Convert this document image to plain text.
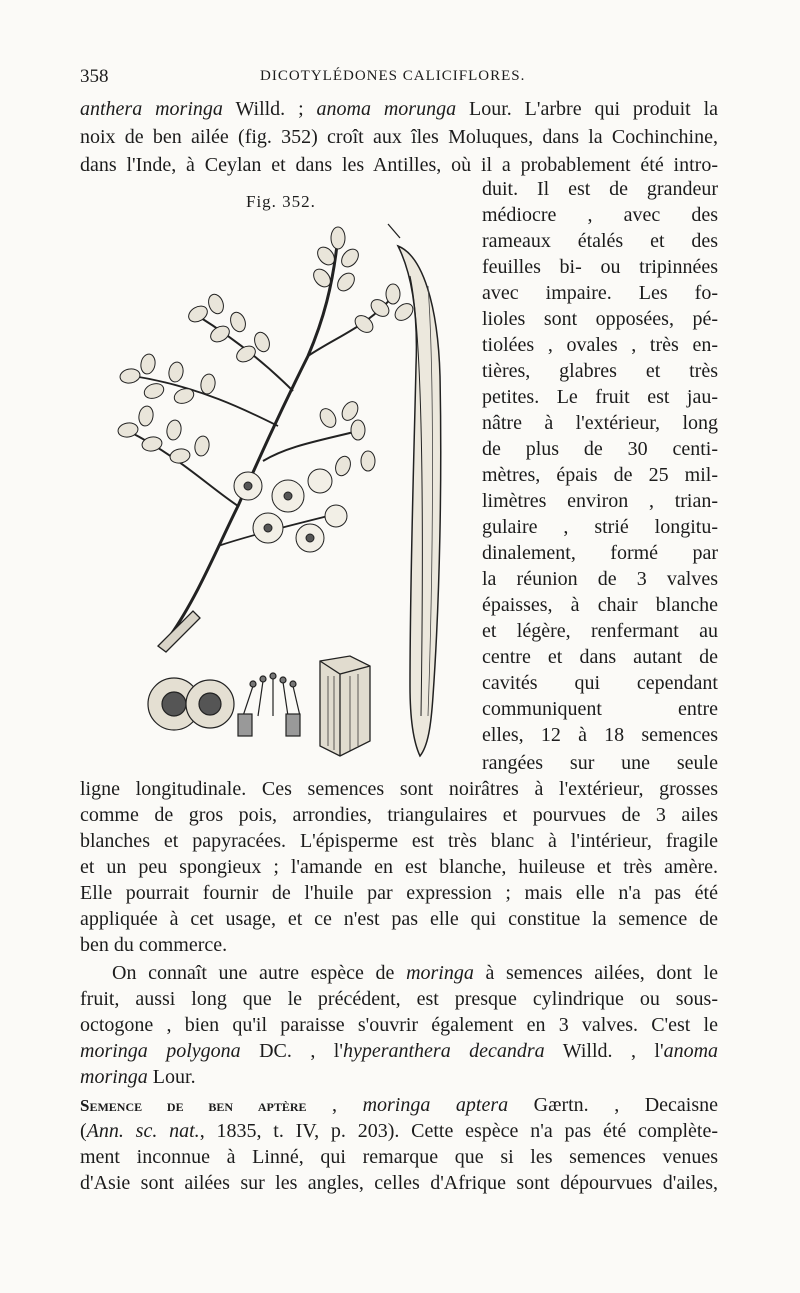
358	DICOTYLÉDONES CALICIFLORES.
anthera moringa Willd. ; anoma morunga Lour. L'arbre qui produit la
noix de ben ailée (fig. 352) croît aux îles Moluques, dans la Cochinchine,
dans l'Inde, à Ceylan et dans les Antilles, où il a probablement été intro-
duit. Il est de grandeur
médiocre , avec des
rameaux étalés et des
feuilles bi- ou tripinnées
avec impaire. Les fo-
lioles sont opposées, pé-
tiolées , ovales , très en-
tières, glabres et très
petites. Le fruit est jau-
nâtre à l'extérieur, long
de plus de 30 centi-
mètres, épais de 25 mil-
limètres environ , trian-
gulaire , strié longitu-
dinalement, formé par
la réunion de 3 valves
épaisses, à chair blanche
et légère, renfermant au
centre et dans autant de
cavités qui cependant
communiquent entre
elles, 12 à 18 semences
rangées sur une seule
Fig. 352.
ligne longitudinale. Ces semences sont noirâtres à l'extérieur, grosses
comme de gros pois, arrondies, triangulaires et pourvues de 3 ailes
blanches et papyracées. L'épisperme est très blanc à l'intérieur, fragile
et un peu spongieux ; l'amande en est blanche, huileuse et très amère.
Elle pourrait fournir de l'huile par expression ; mais elle n'a pas été
appliquée à cet usage, et ce n'est pas elle qui constitue la semence de
ben du commerce.
On connaît une autre espèce de moringa à semences ailées, dont le
fruit, aussi long que le précédent, est presque cylindrique ou sous-
octogone , bien qu'il paraisse s'ouvrir également en 3 valves. C'est le
moringa polygona DC. , l'hyperanthera decandra Willd. , l'anoma
moringa Lour.
Semence de ben aptère , moringa aptera Gærtn. , Decaisne
(Ann. sc. nat., 1835, t. IV, p. 203). Cette espèce n'a pas été complète-
ment inconnue à Linné, qui remarque que si les semences venues
d'Asie sont ailées sur les angles, celles d'Afrique sont dépourvues d'ailes,
